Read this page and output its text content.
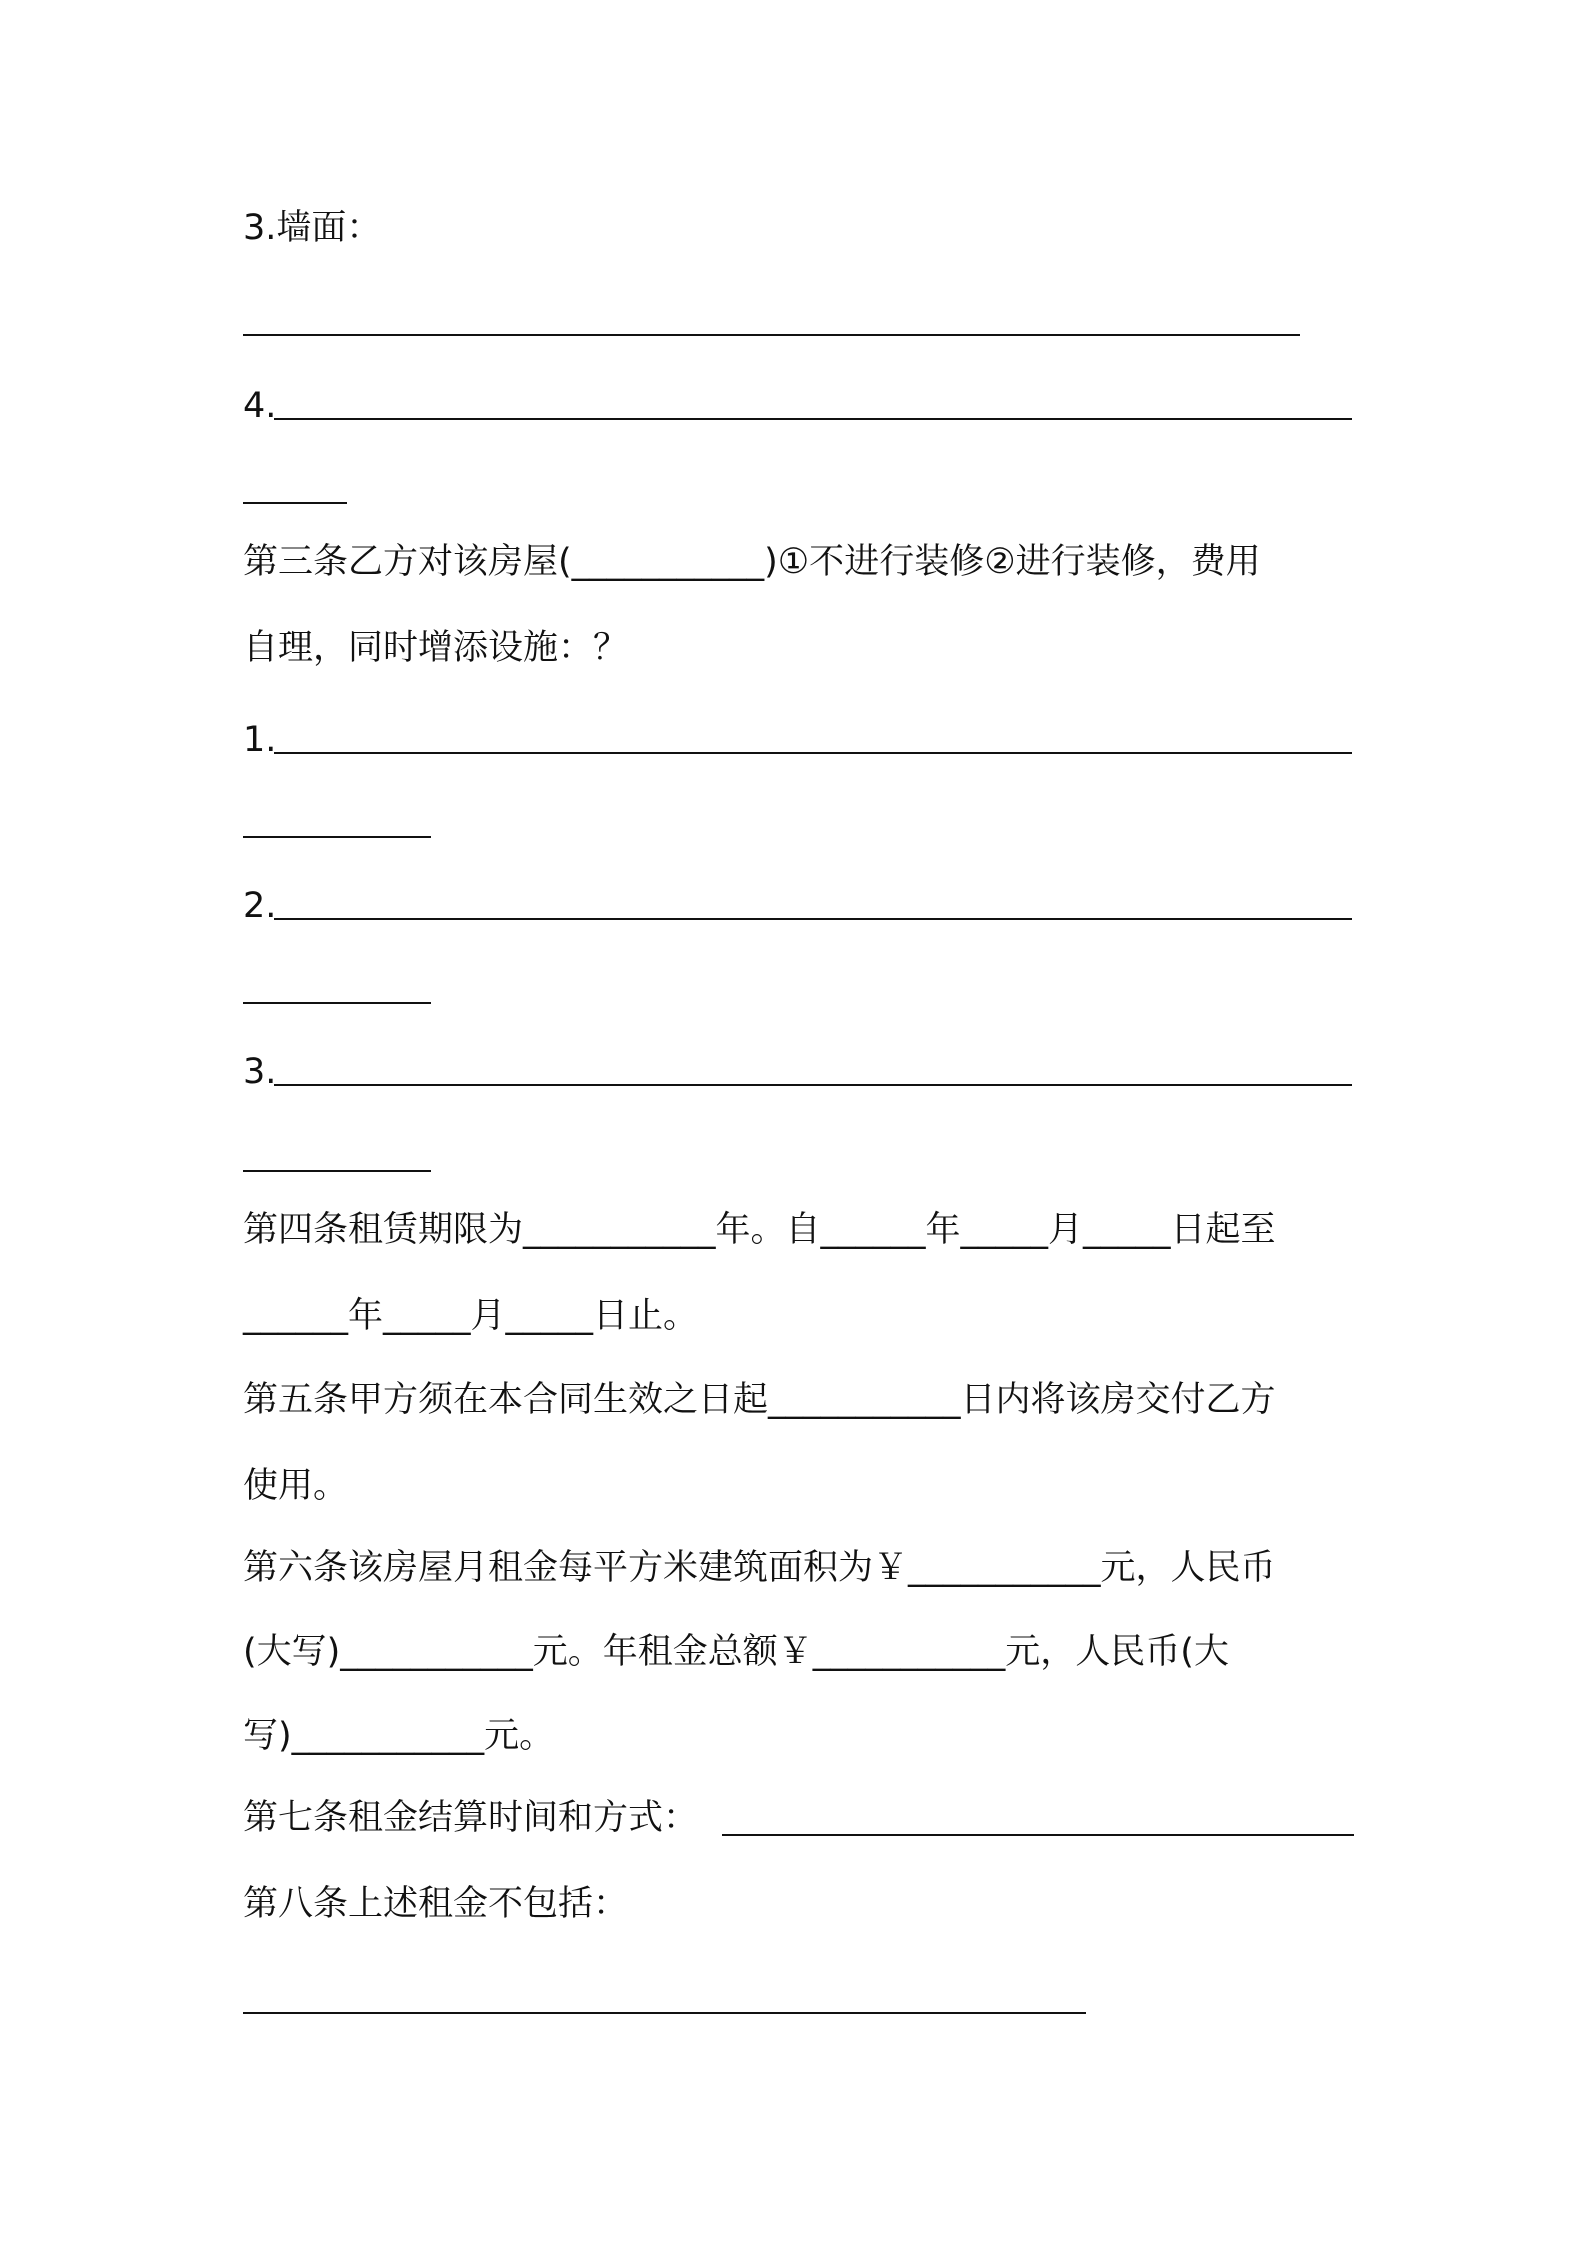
3.墙面：
4.
第三条乙方对该房屋(___________)①不进行装修②进行装修，费用
自理，同时增添设施：？
1.
2.
3.
第四条租赁期限为___________年。自______年_____月_____日起至
______年_____月_____日止。
第五条甲方须在本合同生效之日起___________日内将该房交付乙方
使用。
第六条该房屋月租金每平方米建筑面积为￥___________元，人民币
(大写)___________元。年租金总额￥___________元，人民币(大
写)___________元。
第七条租金结算时间和方式：
第八条上述租金不包括：
